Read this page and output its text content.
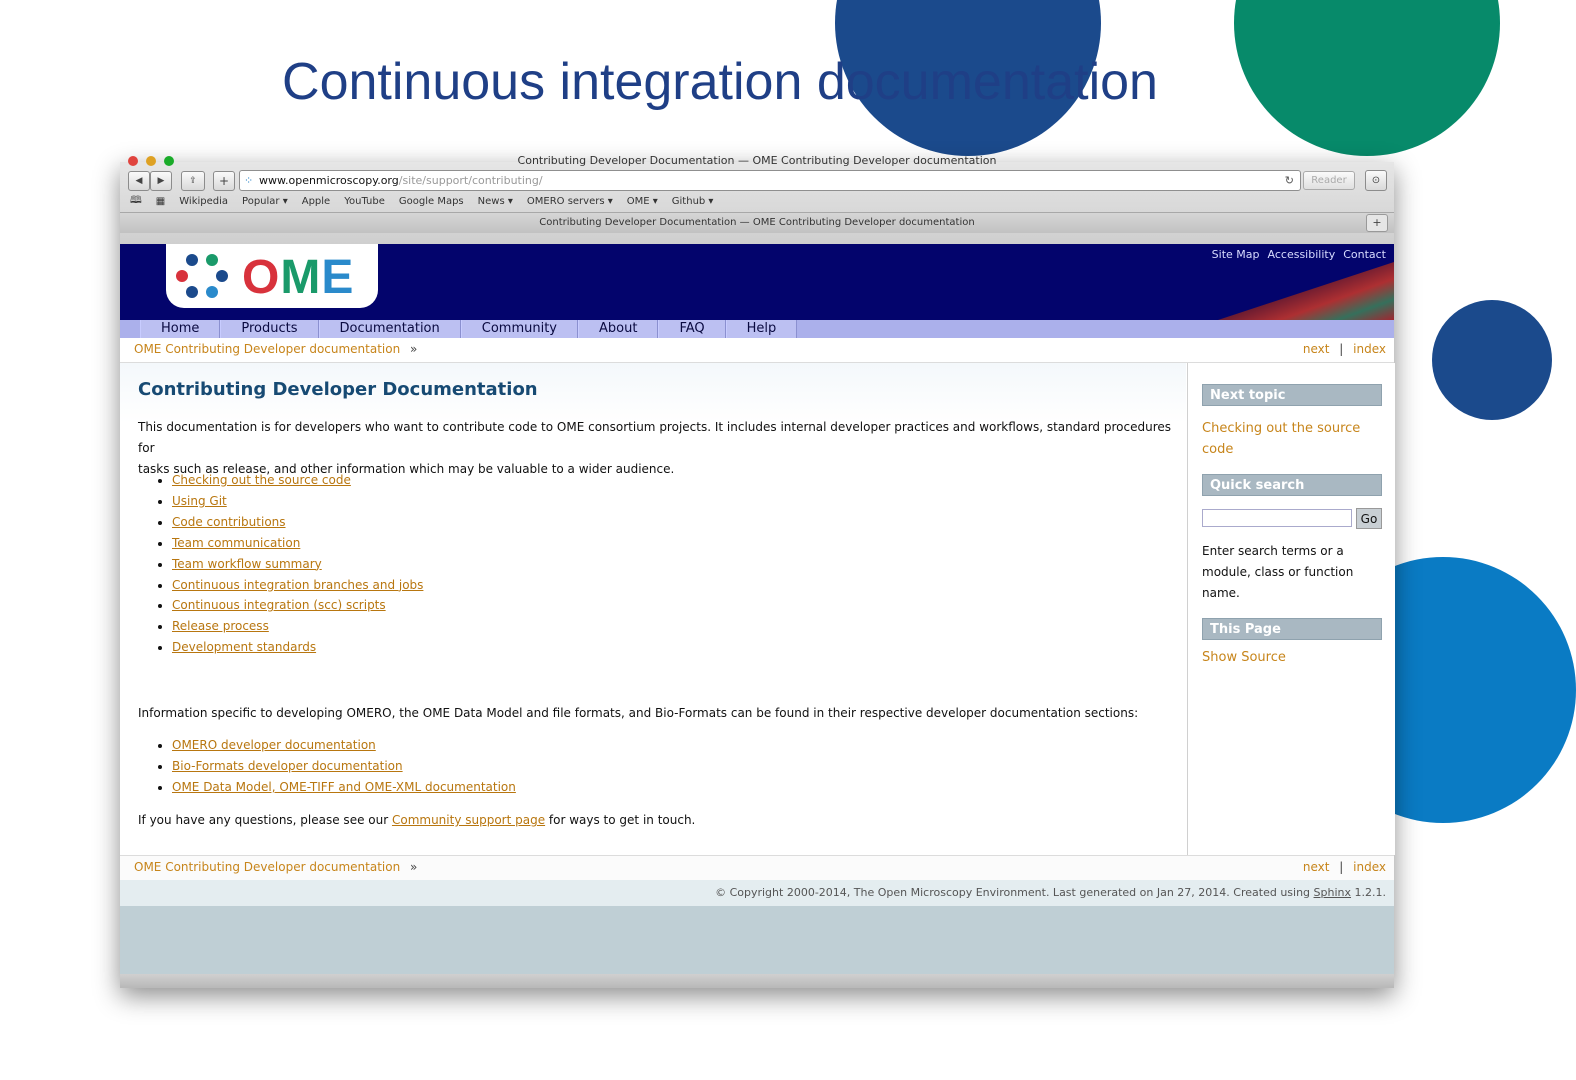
Continuous integration documentation
Contributing Developer Documentation — OME Contributing Developer documentation
◀	▶	⇪	+	⁘ www.openmicroscopy.org/site/support/contributing/	↻	Reader	⊙
🕮 ▦ Wikipedia Popular ▾ Apple YouTube Google Maps News ▾ OMERO servers ▾ OME ▾ Github ▾
Contributing Developer Documentation — OME Contributing Developer documentation	+
OME	Site Map Accessibility Contact
Home	Products	Documentation	Community	About	FAQ	Help
OME Contributing Developer documentation »	next | index
Contributing Developer Documentation
This documentation is for developers who want to contribute code to OME consortium projects. It includes internal developer practices and workflows, standard procedures for
tasks such as release, and other information which may be valuable to a wider audience.
• Checking out the source code
• Using Git
• Code contributions
• Team communication
• Team workflow summary
• Continuous integration branches and jobs
• Continuous integration (scc) scripts
• Release process
• Development standards
Information specific to developing OMERO, the OME Data Model and file formats, and Bio-Formats can be found in their respective developer documentation sections:
• OMERO developer documentation
• Bio-Formats developer documentation
• OME Data Model, OME-TIFF and OME-XML documentation
If you have any questions, please see our Community support page for ways to get in touch.
Next topic
Checking out the source code
Quick search
Go
Enter search terms or a module, class or function name.
This Page
Show Source
OME Contributing Developer documentation »	next | index
© Copyright 2000-2014, The Open Microscopy Environment. Last generated on Jan 27, 2014. Created using Sphinx 1.2.1.
